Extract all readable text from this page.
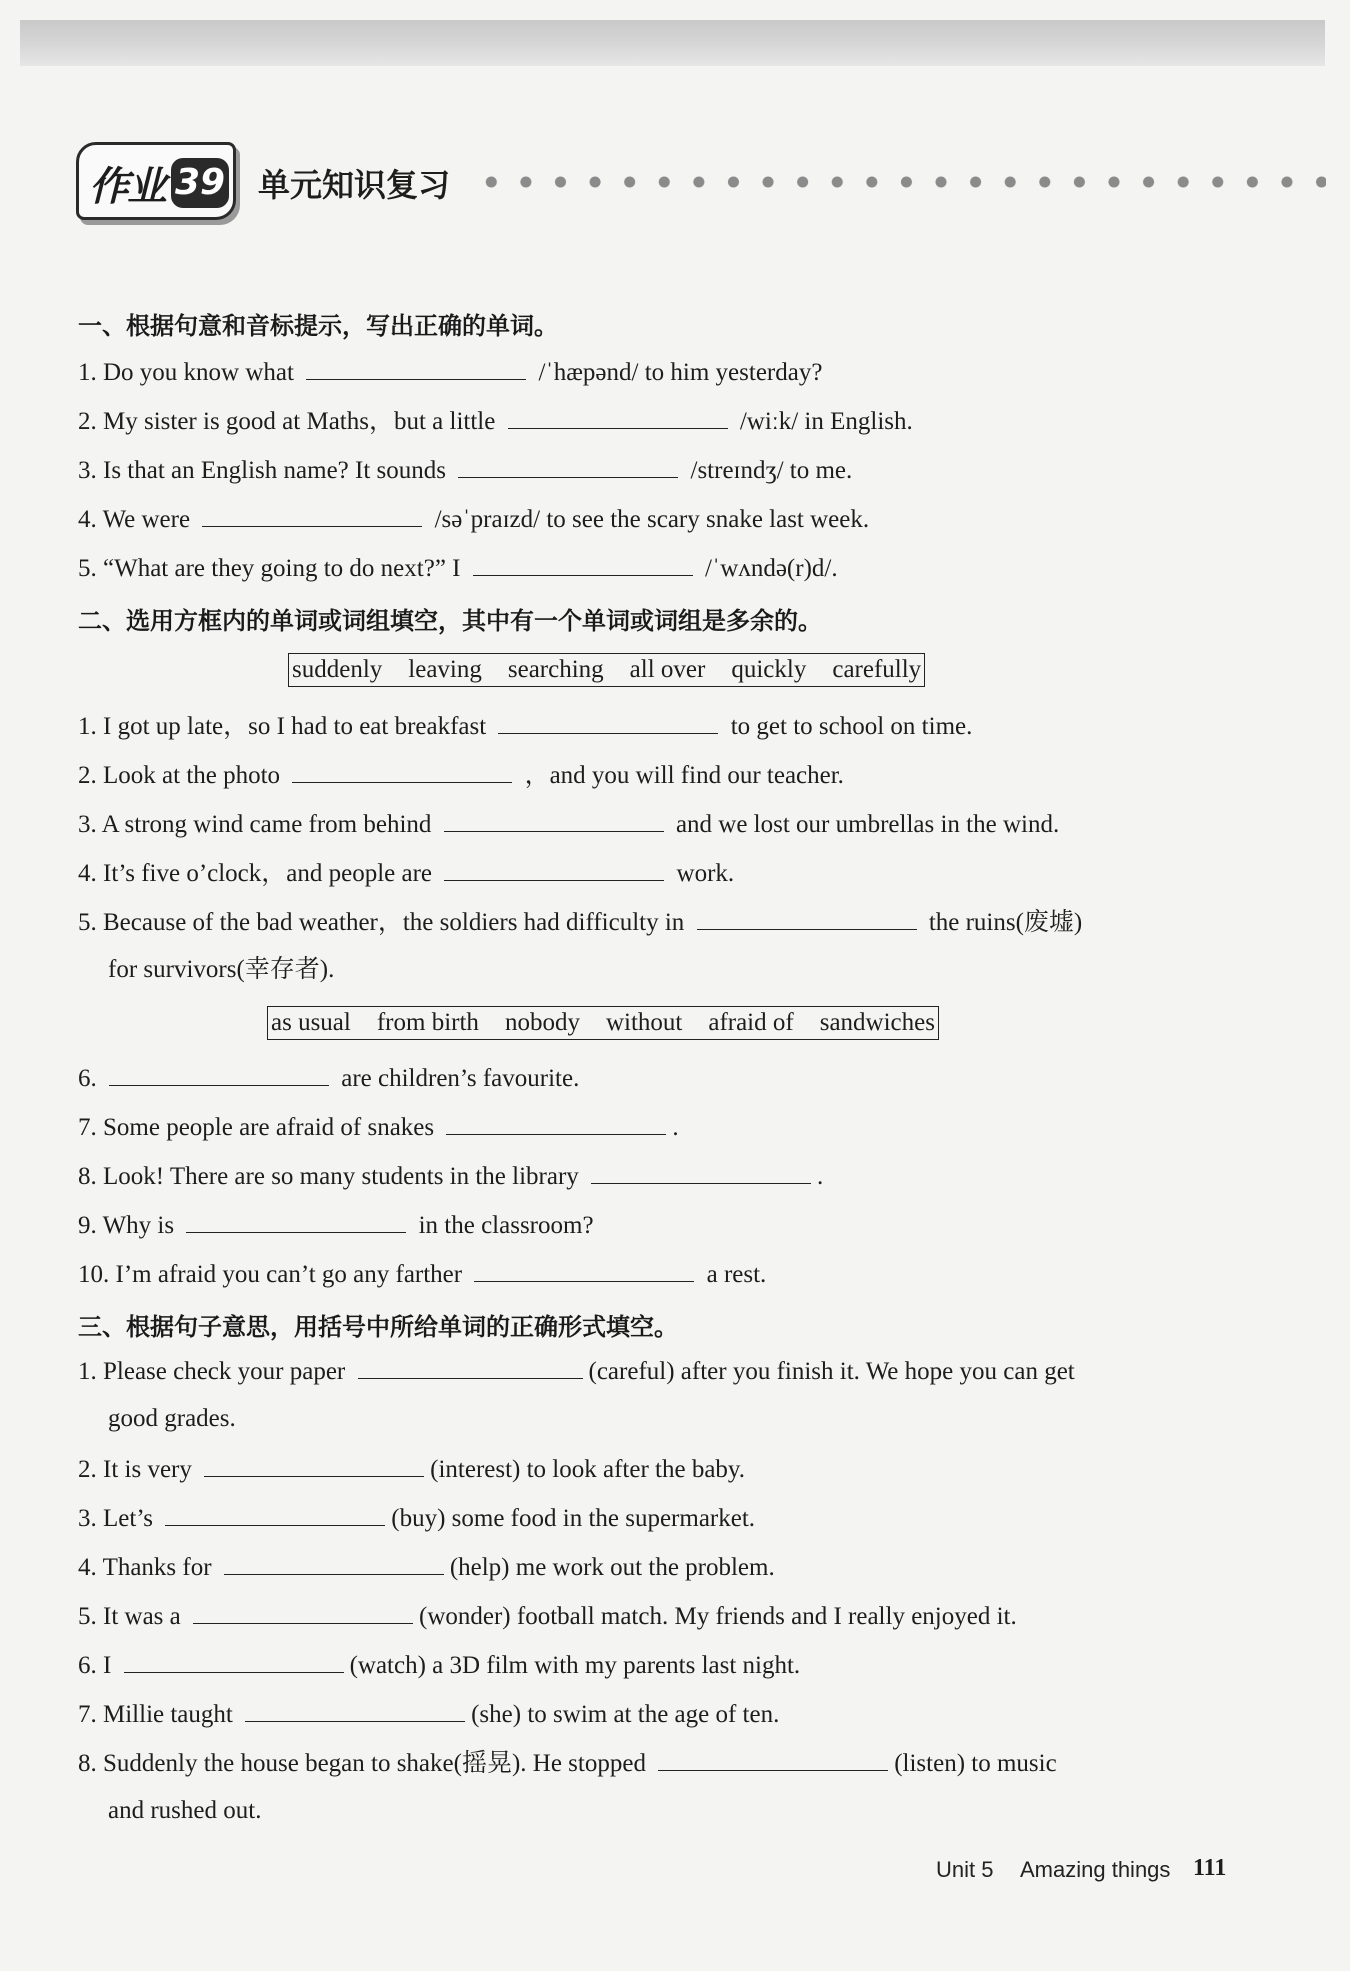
作业 39 单元知识复习
一、根据句意和音标提示，写出正确的单词。
1. Do you know what	/ˈhæpənd/ to him yesterday?
2. My sister is good at Maths，but a little	/wiːk/ in English.
3. Is that an English name? It sounds	/streɪndʒ/ to me.
4. We were	/səˈpraɪzd/ to see the scary snake last week.
5. “What are they going to do next?” I	/ˈwʌndə(r)d/.
二、选用方框内的单词或词组填空，其中有一个单词或词组是多余的。
suddenly leaving searching all over quickly carefully
1. I got up late，so I had to eat breakfast	to get to school on time.
2. Look at the photo	，and you will find our teacher.
3. A strong wind came from behind	and we lost our umbrellas in the wind.
4. It’s five o’clock，and people are	work.
5. Because of the bad weather，the soldiers had difficulty in	the ruins(废墟)
for survivors(幸存者).
as usual from birth nobody without afraid of sandwiches
6.	are children’s favourite.
7. Some people are afraid of snakes	.
8. Look! There are so many students in the library	.
9. Why is	in the classroom?
10. I’m afraid you can’t go any farther	a rest.
三、根据句子意思，用括号中所给单词的正确形式填空。
1. Please check your paper	(careful) after you finish it. We hope you can get
good grades.
2. It is very	(interest) to look after the baby.
3. Let’s	(buy) some food in the supermarket.
4. Thanks for	(help) me work out the problem.
5. It was a	(wonder) football match. My friends and I really enjoyed it.
6. I	(watch) a 3D film with my parents last night.
7. Millie taught	(she) to swim at the age of ten.
8. Suddenly the house began to shake(摇晃). He stopped	(listen) to music
and rushed out.
Unit 5 Amazing things 111
